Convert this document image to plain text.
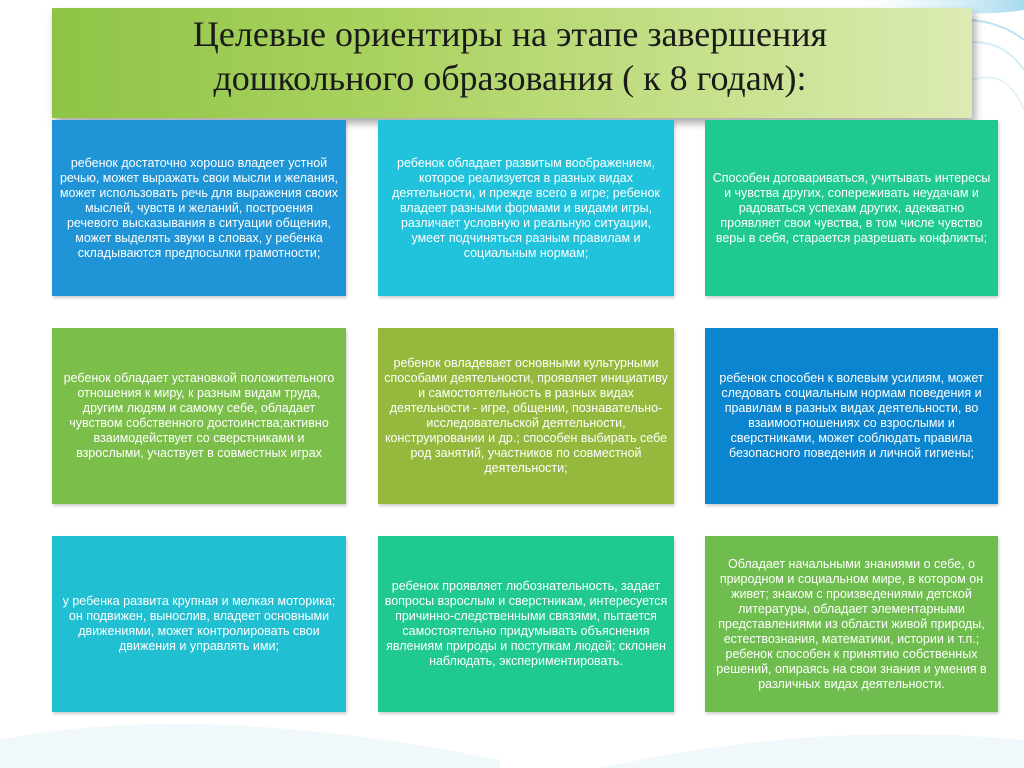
Целевые ориентиры на этапе завершения
дошкольного образования ( к 8 годам):

ребенок достаточно хорошо владеет устной речью, может выражать свои мысли и желания, может использовать речь для выражения своих мыслей, чувств и желаний, построения речевого высказывания в ситуации общения, может выделять звуки в словах, у ребенка складываются предпосылки грамотности;

ребенок обладает развитым воображением, которое реализуется в разных видах деятельности, и прежде всего в игре; ребенок владеет разными формами и видами игры, различает условную и реальную ситуации, умеет подчиняться разным правилам и социальным нормам;

Способен договариваться, учитывать интересы и чувства других, сопереживать неудачам и радоваться успехам других, адекватно проявляет свои чувства, в том числе чувство веры в себя, старается разрешать конфликты;

ребенок обладает установкой положительного отношения к миру, к разным видам труда, другим людям и самому себе, обладает чувством собственного достоинства;активно взаимодействует со сверстниками и взрослыми, участвует в совместных играх

ребенок овладевает основными культурными способами деятельности, проявляет инициативу и самостоятельность в разных видах деятельности - игре, общении, познавательно-исследовательской деятельности, конструировании и др.; способен выбирать себе род занятий, участников по совместной деятельности;

ребенок способен к волевым усилиям, может следовать социальным нормам поведения и правилам в разных видах деятельности, во взаимоотношениях со взрослыми и сверстниками, может соблюдать правила безопасного поведения и личной гигиены;

у ребенка развита крупная и мелкая моторика; он подвижен, вынослив, владеет основными движениями, может контролировать свои движения и управлять ими;

ребенок проявляет любознательность, задает вопросы взрослым и сверстникам, интересуется причинно-следственными связями, пытается самостоятельно придумывать объяснения явлениям природы и поступкам людей; склонен наблюдать, экспериментировать.

Обладает начальными знаниями о себе, о природном и социальном мире, в котором он живет; знаком с произведениями детской литературы, обладает элементарными представлениями из области живой природы, естествознания, математики, истории и т.п.; ребенок способен к принятию собственных решений, опираясь на свои знания и умения в различных видах деятельности.
